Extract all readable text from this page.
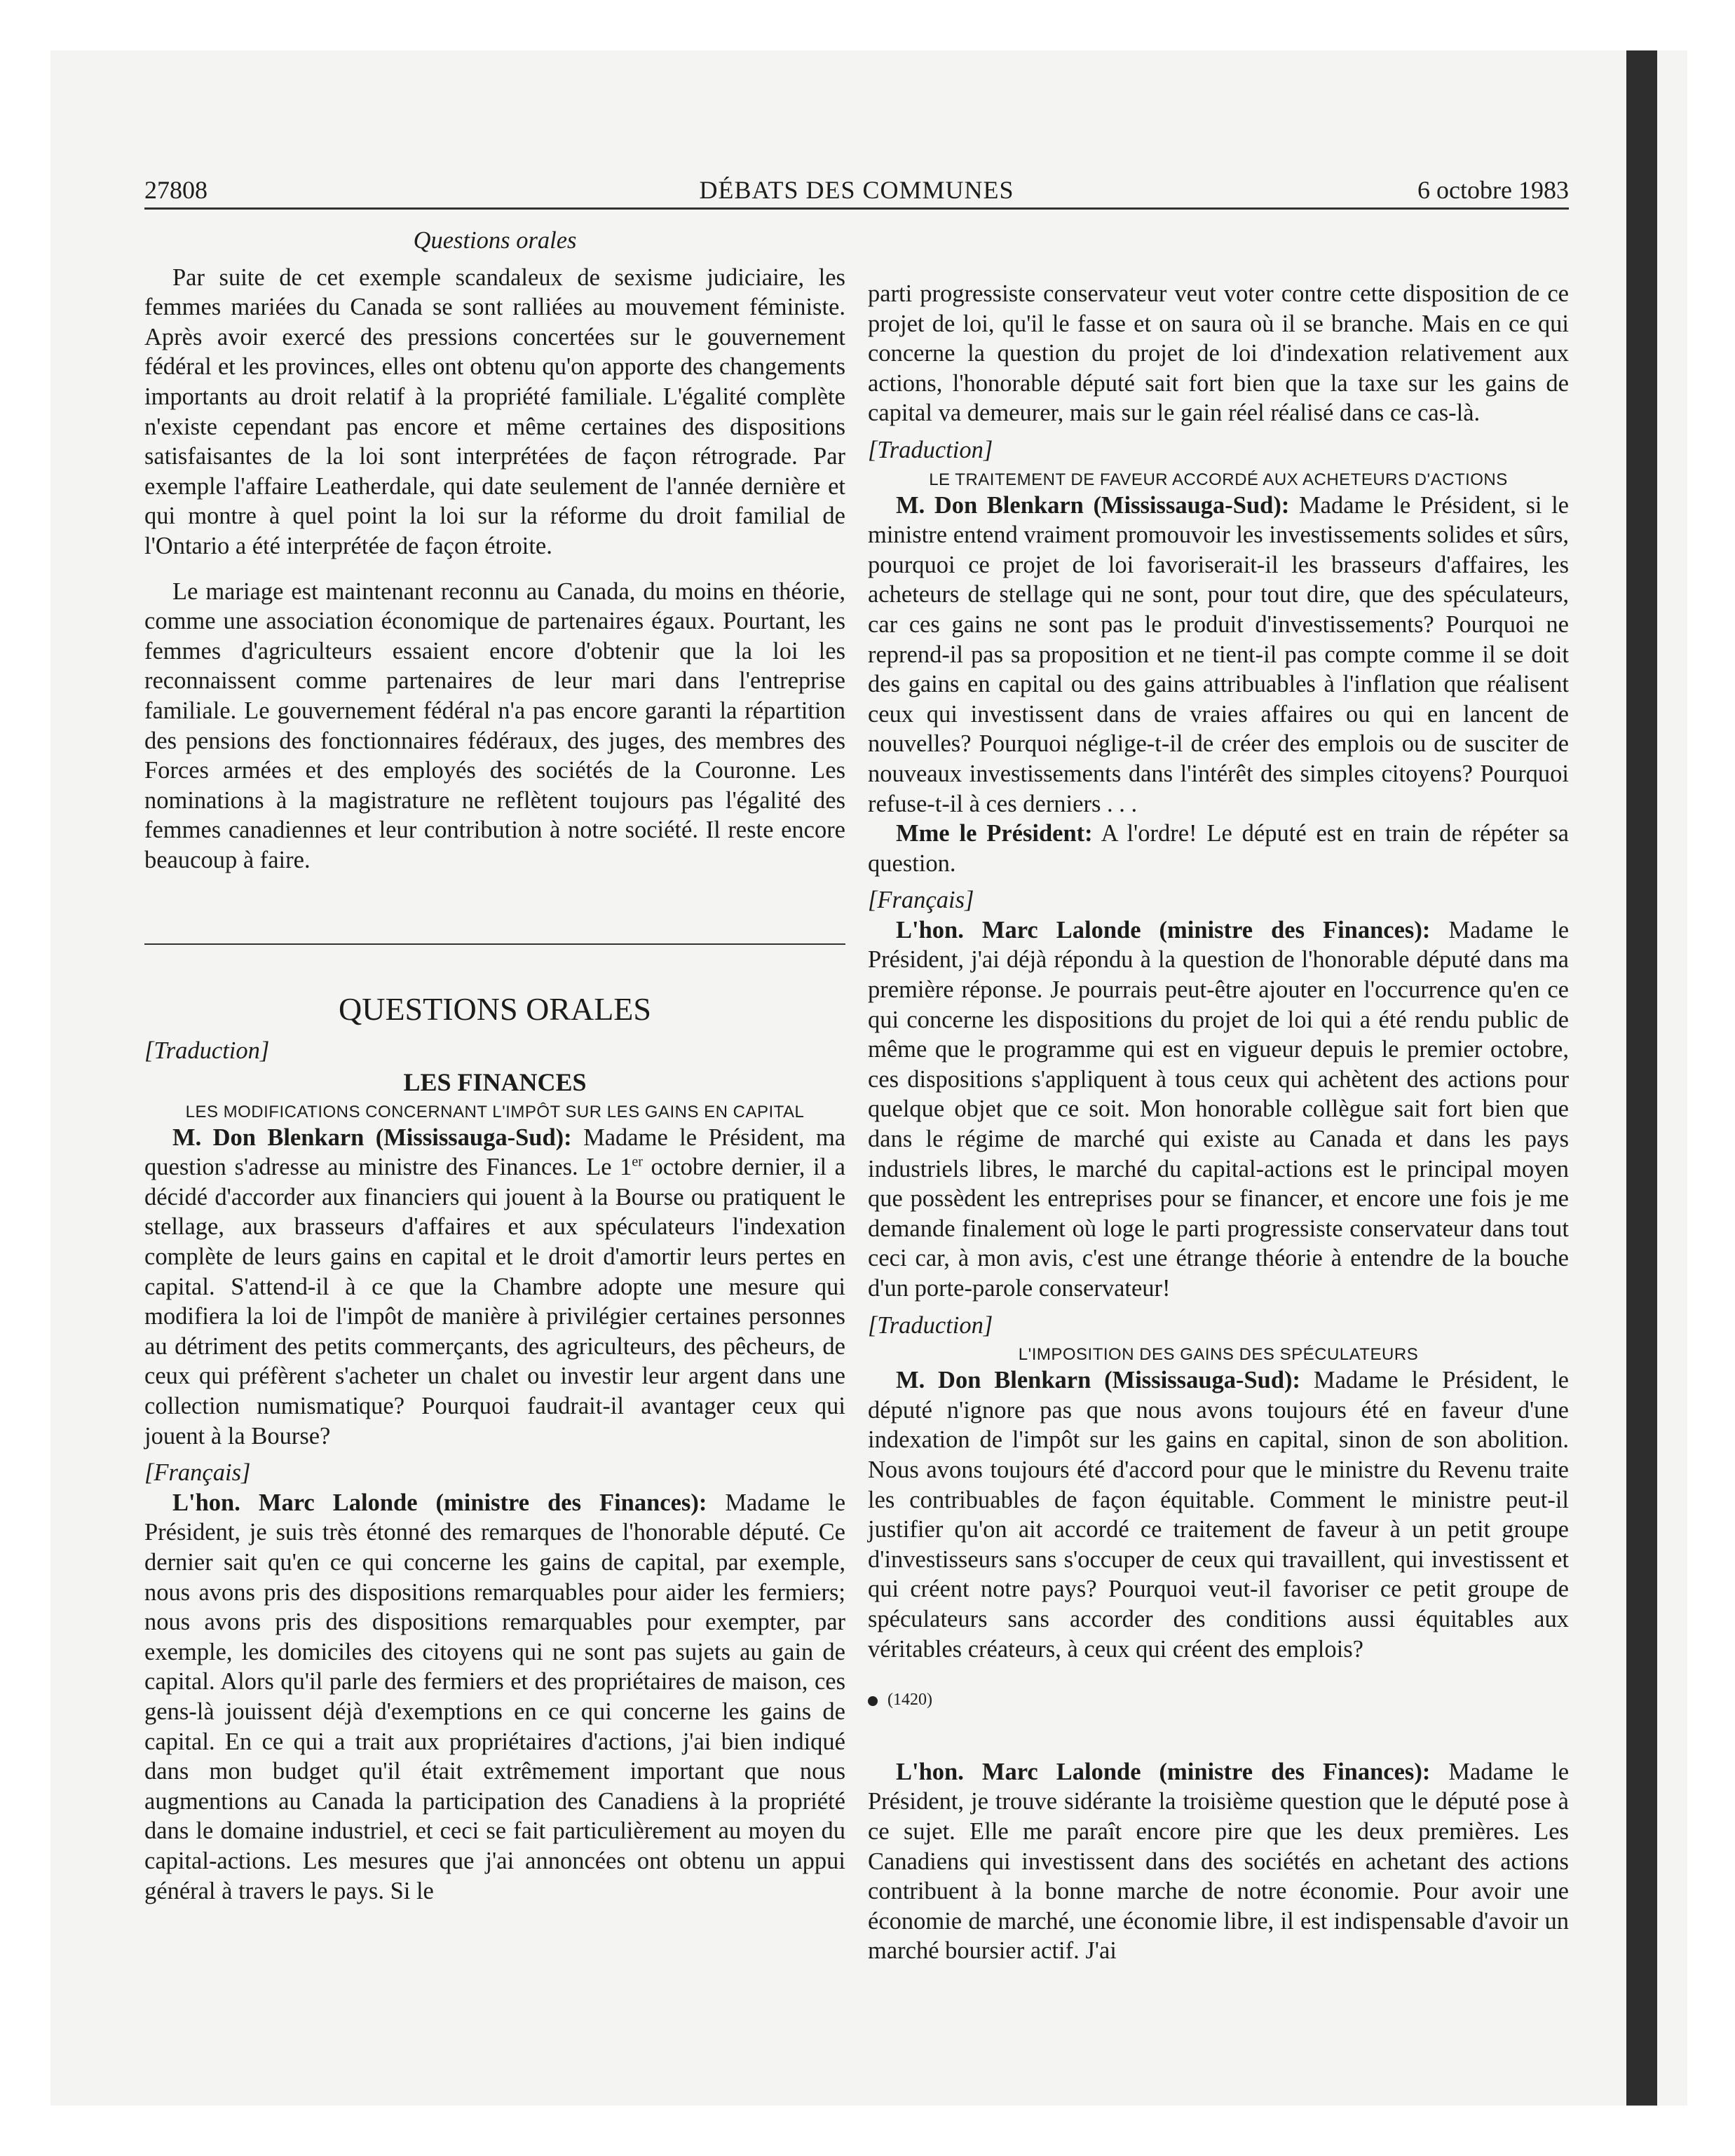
27808	DÉBATS DES COMMUNES	6 octobre 1983
Questions orales

Par suite de cet exemple scandaleux de sexisme judiciaire, les femmes mariées du Canada se sont ralliées au mouvement féministe. Après avoir exercé des pressions concertées sur le gouvernement fédéral et les provinces, elles ont obtenu qu'on apporte des changements importants au droit relatif à la propriété familiale. L'égalité complète n'existe cependant pas encore et même certaines des dispositions satisfaisantes de la loi sont interprétées de façon rétrograde. Par exemple l'affaire Leatherdale, qui date seulement de l'année dernière et qui montre à quel point la loi sur la réforme du droit familial de l'Ontario a été interprétée de façon étroite.

Le mariage est maintenant reconnu au Canada, du moins en théorie, comme une association économique de partenaires égaux. Pourtant, les femmes d'agriculteurs essaient encore d'obtenir que la loi les reconnaissent comme partenaires de leur mari dans l'entreprise familiale. Le gouvernement fédéral n'a pas encore garanti la répartition des pensions des fonctionnaires fédéraux, des juges, des membres des Forces armées et des employés des sociétés de la Couronne. Les nominations à la magistrature ne reflètent toujours pas l'égalité des femmes canadiennes et leur contribution à notre société. Il reste encore beaucoup à faire.

QUESTIONS ORALES
[Traduction]
LES FINANCES
LES MODIFICATIONS CONCERNANT L'IMPÔT SUR LES GAINS EN CAPITAL

M. Don Blenkarn (Mississauga-Sud): Madame le Président, ma question s'adresse au ministre des Finances. Le 1er octobre dernier, il a décidé d'accorder aux financiers qui jouent à la Bourse ou pratiquent le stellage, aux brasseurs d'affaires et aux spéculateurs l'indexation complète de leurs gains en capital et le droit d'amortir leurs pertes en capital. S'attend-il à ce que la Chambre adopte une mesure qui modifiera la loi de l'impôt de manière à privilégier certaines personnes au détriment des petits commerçants, des agriculteurs, des pêcheurs, de ceux qui préfèrent s'acheter un chalet ou investir leur argent dans une collection numismatique? Pourquoi faudrait-il avantager ceux qui jouent à la Bourse?

[Français]

L'hon. Marc Lalonde (ministre des Finances): Madame le Président, je suis très étonné des remarques de l'honorable député. Ce dernier sait qu'en ce qui concerne les gains de capital, par exemple, nous avons pris des dispositions remarquables pour aider les fermiers; nous avons pris des dispositions remarquables pour exempter, par exemple, les domiciles des citoyens qui ne sont pas sujets au gain de capital. Alors qu'il parle des fermiers et des propriétaires de maison, ces gens-là jouissent déjà d'exemptions en ce qui concerne les gains de capital. En ce qui a trait aux propriétaires d'actions, j'ai bien indiqué dans mon budget qu'il était extrêmement important que nous augmentions au Canada la participation des Canadiens à la propriété dans le domaine industriel, et ceci se fait particulièrement au moyen du capital-actions. Les mesures que j'ai annoncées ont obtenu un appui général à travers le pays. Si le

parti progressiste conservateur veut voter contre cette disposition de ce projet de loi, qu'il le fasse et on saura où il se branche. Mais en ce qui concerne la question du projet de loi d'indexation relativement aux actions, l'honorable député sait fort bien que la taxe sur les gains de capital va demeurer, mais sur le gain réel réalisé dans ce cas-là.

[Traduction]
LE TRAITEMENT DE FAVEUR ACCORDÉ AUX ACHETEURS D'ACTIONS

M. Don Blenkarn (Mississauga-Sud): Madame le Président, si le ministre entend vraiment promouvoir les investissements solides et sûrs, pourquoi ce projet de loi favoriserait-il les brasseurs d'affaires, les acheteurs de stellage qui ne sont, pour tout dire, que des spéculateurs, car ces gains ne sont pas le produit d'investissements? Pourquoi ne reprend-il pas sa proposition et ne tient-il pas compte comme il se doit des gains en capital ou des gains attribuables à l'inflation que réalisent ceux qui investissent dans de vraies affaires ou qui en lancent de nouvelles? Pourquoi néglige-t-il de créer des emplois ou de susciter de nouveaux investissements dans l'intérêt des simples citoyens? Pourquoi refuse-t-il à ces derniers . . .

Mme le Président: A l'ordre! Le député est en train de répéter sa question.

[Français]

L'hon. Marc Lalonde (ministre des Finances): Madame le Président, j'ai déjà répondu à la question de l'honorable député dans ma première réponse. Je pourrais peut-être ajouter en l'occurrence qu'en ce qui concerne les dispositions du projet de loi qui a été rendu public de même que le programme qui est en vigueur depuis le premier octobre, ces dispositions s'appliquent à tous ceux qui achètent des actions pour quelque objet que ce soit. Mon honorable collègue sait fort bien que dans le régime de marché qui existe au Canada et dans les pays industriels libres, le marché du capital-actions est le principal moyen que possèdent les entreprises pour se financer, et encore une fois je me demande finalement où loge le parti progressiste conservateur dans tout ceci car, à mon avis, c'est une étrange théorie à entendre de la bouche d'un porte-parole conservateur!

[Traduction]
L'IMPOSITION DES GAINS DES SPÉCULATEURS

M. Don Blenkarn (Mississauga-Sud): Madame le Président, le député n'ignore pas que nous avons toujours été en faveur d'une indexation de l'impôt sur les gains en capital, sinon de son abolition. Nous avons toujours été d'accord pour que le ministre du Revenu traite les contribuables de façon équitable. Comment le ministre peut-il justifier qu'on ait accordé ce traitement de faveur à un petit groupe d'investisseurs sans s'occuper de ceux qui travaillent, qui investissent et qui créent notre pays? Pourquoi veut-il favoriser ce petit groupe de spéculateurs sans accorder des conditions aussi équitables aux véritables créateurs, à ceux qui créent des emplois?

(1420)

L'hon. Marc Lalonde (ministre des Finances): Madame le Président, je trouve sidérante la troisième question que le député pose à ce sujet. Elle me paraît encore pire que les deux premières. Les Canadiens qui investissent dans des sociétés en achetant des actions contribuent à la bonne marche de notre économie. Pour avoir une économie de marché, une économie libre, il est indispensable d'avoir un marché boursier actif. J'ai
